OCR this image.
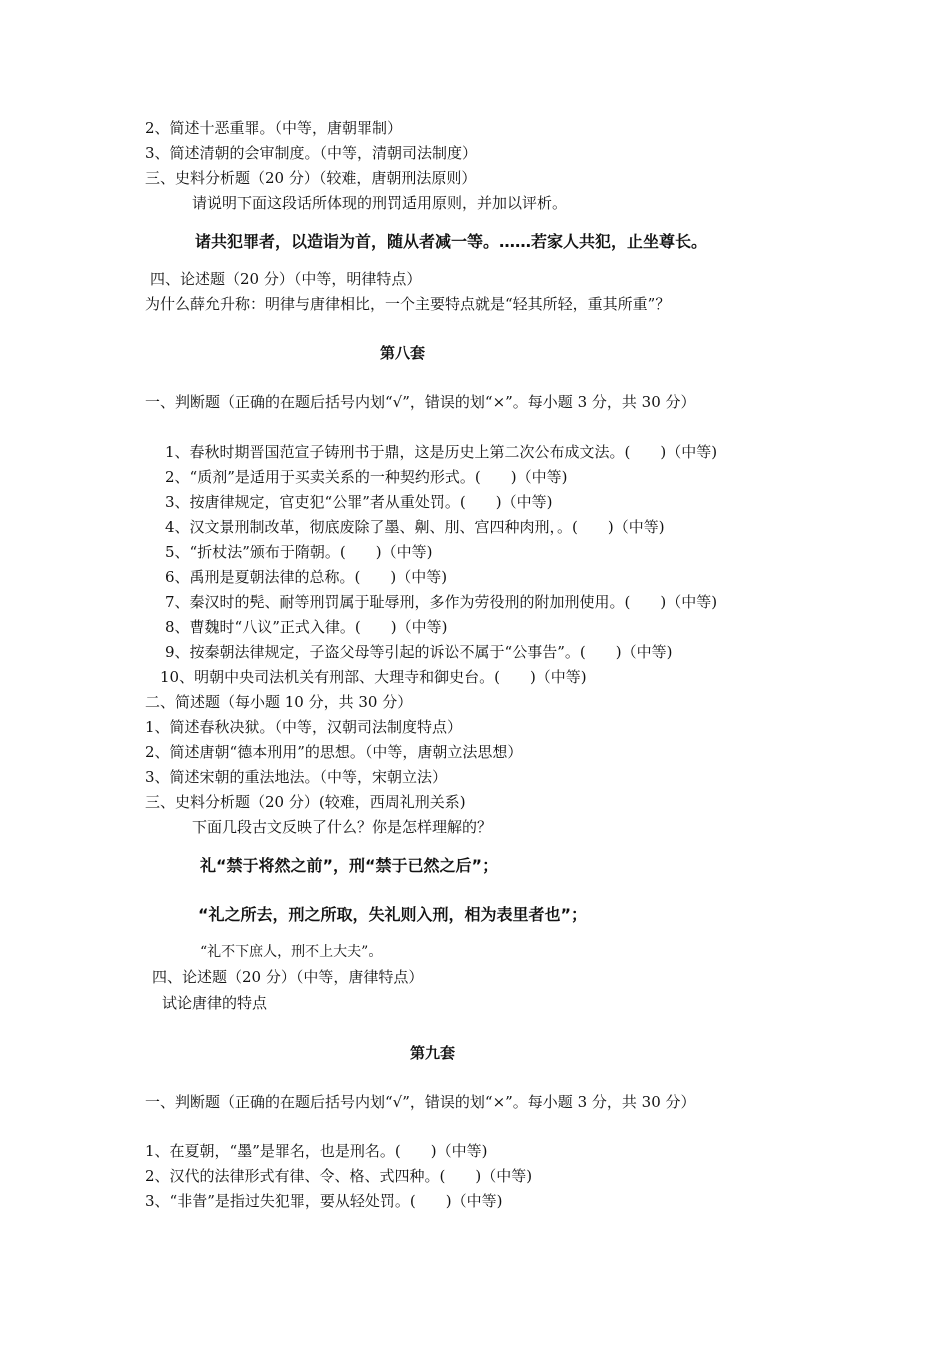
2、简述十恶重罪。（中等，唐朝罪制）
3、简述清朝的会审制度。（中等，清朝司法制度）
三、史料分析题（20 分）（较难，唐朝刑法原则）
请说明下面这段话所体现的刑罚适用原则，并加以评析。
诸共犯罪者，以造诣为首，随从者减一等。……若家人共犯，止坐尊长。
四、论述题（20 分）（中等，明律特点）
为什么薛允升称：明律与唐律相比，一个主要特点就是“轻其所轻，重其所重”？
第八套
一、判断题（正确的在题后括号内划“√”，错误的划“×”。每小题 3 分，共 30 分）
1、春秋时期晋国范宣子铸刑书于鼎，这是历史上第二次公布成文法。(　　)（中等)
2、“质剂”是适用于买卖关系的一种契约形式。(　　)（中等)
3、按唐律规定，官吏犯“公罪”者从重处罚。(　　)（中等)
4、汉文景刑制改革，彻底废除了墨、劓、刖、宫四种肉刑，。(　　)（中等)
5、“折杖法”颁布于隋朝。(　　)（中等)
6、禹刑是夏朝法律的总称。(　　)（中等)
7、秦汉时的髡、耐等刑罚属于耻辱刑，多作为劳役刑的附加刑使用。(　　)（中等)
8、曹魏时“八议”正式入律。(　　)（中等)
9、按秦朝法律规定，子盗父母等引起的诉讼不属于“公事告”。(　　)（中等)
10、明朝中央司法机关有刑部、大理寺和御史台。(　　)（中等)
二、简述题（每小题 10 分，共 30 分）
1、简述春秋决狱。（中等，汉朝司法制度特点）
2、简述唐朝“德本刑用”的思想。（中等，唐朝立法思想）
3、简述宋朝的重法地法。（中等，宋朝立法）
三、史料分析题（20 分）(较难，西周礼刑关系)
下面几段古文反映了什么？你是怎样理解的？
礼“禁于将然之前”，刑“禁于已然之后”；
“礼之所去，刑之所取，失礼则入刑，相为表里者也”；
“礼不下庶人，刑不上大夫”。
四、论述题（20 分）（中等，唐律特点）
试论唐律的特点
第九套
一、判断题（正确的在题后括号内划“√”，错误的划“×”。每小题 3 分，共 30 分）
1、在夏朝，“墨”是罪名，也是刑名。(　　)（中等)
2、汉代的法律形式有律、令、格、式四种。(　　)（中等)
3、“非眚”是指过失犯罪，要从轻处罚。(　　)（中等)
